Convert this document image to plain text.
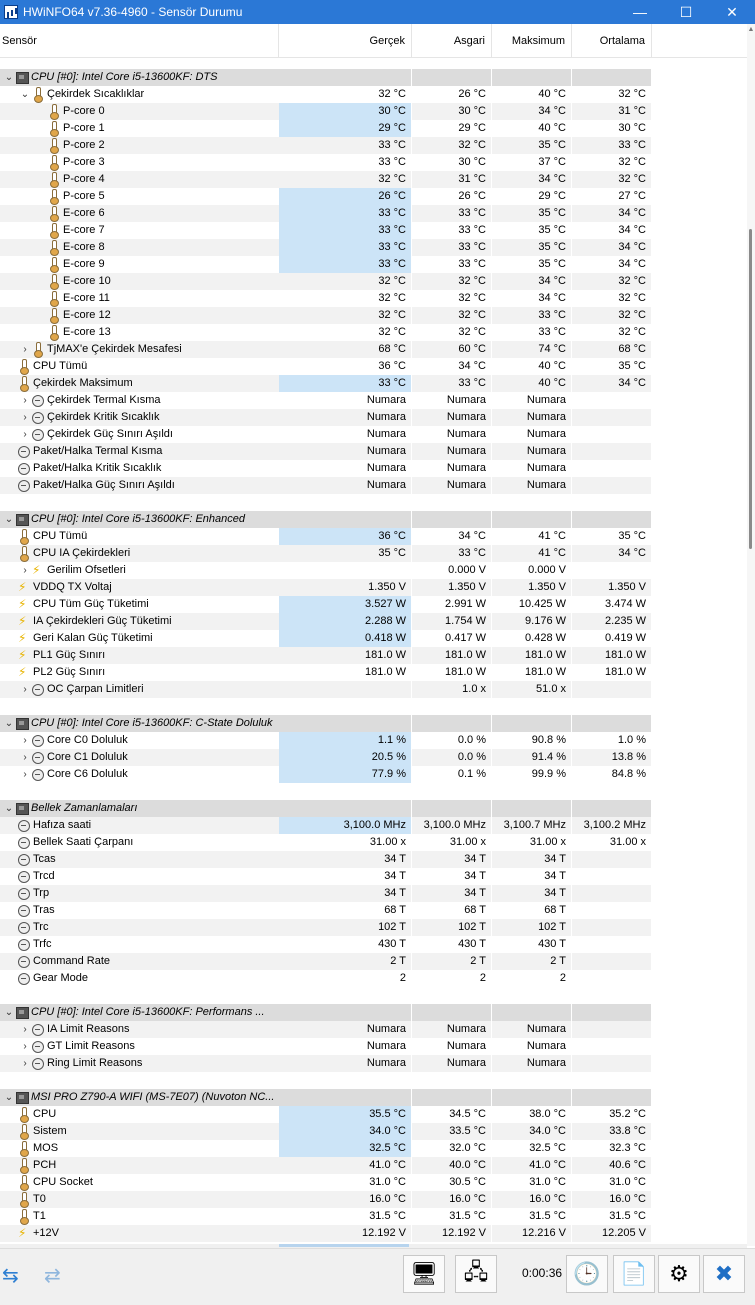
HWiNFO64 v7.36-4960 - Sensör Durumu	—	☐	✕
Sensör	Gerçek	Asgari	Maksimum	Ortalama
⌄ CPU [#0]: Intel Core i5-13600KF: DTS
⌄ Çekirdek Sıcaklıklar	32 °C	26 °C	40 °C	32 °C
P-core 0	30 °C	30 °C	34 °C	31 °C
P-core 1	29 °C	29 °C	40 °C	30 °C
P-core 2	33 °C	32 °C	35 °C	33 °C
P-core 3	33 °C	30 °C	37 °C	32 °C
P-core 4	32 °C	31 °C	34 °C	32 °C
P-core 5	26 °C	26 °C	29 °C	27 °C
E-core 6	33 °C	33 °C	35 °C	34 °C
E-core 7	33 °C	33 °C	35 °C	34 °C
E-core 8	33 °C	33 °C	35 °C	34 °C
E-core 9	33 °C	33 °C	35 °C	34 °C
E-core 10	32 °C	32 °C	34 °C	32 °C
E-core 11	32 °C	32 °C	34 °C	32 °C
E-core 12	32 °C	32 °C	33 °C	32 °C
E-core 13	32 °C	32 °C	33 °C	32 °C
› TjMAX'e Çekirdek Mesafesi	68 °C	60 °C	74 °C	68 °C
CPU Tümü	36 °C	34 °C	40 °C	35 °C
Çekirdek Maksimum	33 °C	33 °C	40 °C	34 °C
› Çekirdek Termal Kısma	Numara	Numara	Numara
› Çekirdek Kritik Sıcaklık	Numara	Numara	Numara
› Çekirdek Güç Sınırı Aşıldı	Numara	Numara	Numara
Paket/Halka Termal Kısma	Numara	Numara	Numara
Paket/Halka Kritik Sıcaklık	Numara	Numara	Numara
Paket/Halka Güç Sınırı Aşıldı	Numara	Numara	Numara
⌄ CPU [#0]: Intel Core i5-13600KF: Enhanced
CPU Tümü	36 °C	34 °C	41 °C	35 °C
CPU IA Çekirdekleri	35 °C	33 °C	41 °C	34 °C
›⚡ Gerilim Ofsetleri	0.000 V	0.000 V
⚡VDDQ TX Voltaj	1.350 V	1.350 V	1.350 V	1.350 V
⚡CPU Tüm Güç Tüketimi	3.527 W	2.991 W	10.425 W	3.474 W
⚡IA Çekirdekleri Güç Tüketimi	2.288 W	1.754 W	9.176 W	2.235 W
⚡Geri Kalan Güç Tüketimi	0.418 W	0.417 W	0.428 W	0.419 W
⚡PL1 Güç Sınırı	181.0 W	181.0 W	181.0 W	181.0 W
⚡PL2 Güç Sınırı	181.0 W	181.0 W	181.0 W	181.0 W
› OC Çarpan Limitleri	1.0 x	51.0 x
⌄ CPU [#0]: Intel Core i5-13600KF: C-State Doluluk
› Core C0 Doluluk	1.1 %	0.0 %	90.8 %	1.0 %
› Core C1 Doluluk	20.5 %	0.0 %	91.4 %	13.8 %
› Core C6 Doluluk	77.9 %	0.1 %	99.9 %	84.8 %
⌄ Bellek Zamanlamaları
Hafıza saati	3,100.0 MHz	3,100.0 MHz	3,100.7 MHz	3,100.2 MHz
Bellek Saati Çarpanı	31.00 x	31.00 x	31.00 x	31.00 x
Tcas	34 T	34 T	34 T
Trcd	34 T	34 T	34 T
Trp	34 T	34 T	34 T
Tras	68 T	68 T	68 T
Trc	102 T	102 T	102 T
Trfc	430 T	430 T	430 T
Command Rate	2 T	2 T	2 T
Gear Mode	2	2	2
⌄ CPU [#0]: Intel Core i5-13600KF: Performans ...
› IA Limit Reasons	Numara	Numara	Numara
› GT Limit Reasons	Numara	Numara	Numara
› Ring Limit Reasons	Numara	Numara	Numara
⌄ MSI PRO Z790-A WIFI (MS-7E07) (Nuvoton NC...
CPU	35.5 °C	34.5 °C	38.0 °C	35.2 °C
Sistem	34.0 °C	33.5 °C	34.0 °C	33.8 °C
MOS	32.5 °C	32.0 °C	32.5 °C	32.3 °C
PCH	41.0 °C	40.0 °C	41.0 °C	40.6 °C
CPU Socket	31.0 °C	30.5 °C	31.0 °C	31.0 °C
T0	16.0 °C	16.0 °C	16.0 °C	16.0 °C
T1	31.5 °C	31.5 °C	31.5 °C	31.5 °C
⚡+12V	12.192 V	12.192 V	12.216 V	12.205 V
▲
⇆ ⇄	🖥 🖧	0:00:36 🕒 📄 ⚙ ✖
